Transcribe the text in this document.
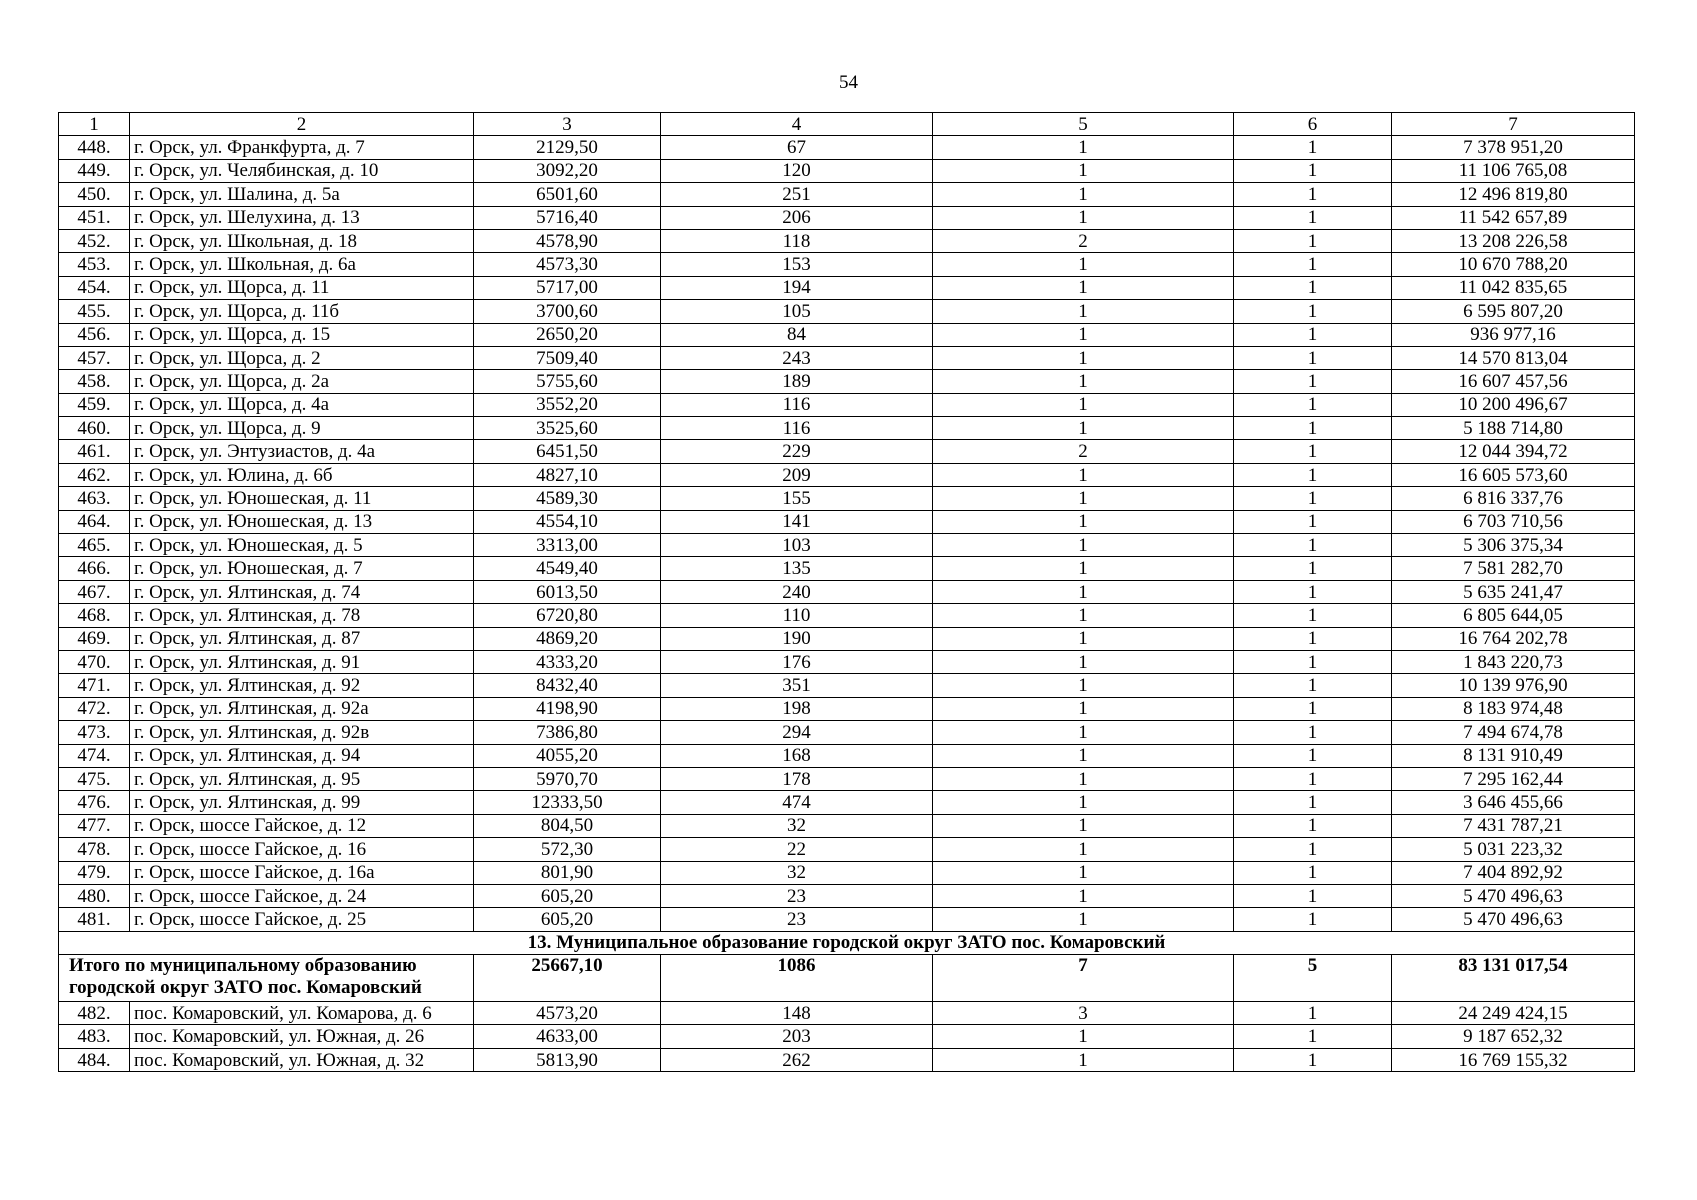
54
1	2	3	4	5	6	7
448.	г. Орск, ул. Франкфурта, д. 7	2129,50	67	1	1	7 378 951,20
449.	г. Орск, ул. Челябинская, д. 10	3092,20	120	1	1	11 106 765,08
450.	г. Орск, ул. Шалина, д. 5а	6501,60	251	1	1	12 496 819,80
451.	г. Орск, ул. Шелухина, д. 13	5716,40	206	1	1	11 542 657,89
452.	г. Орск, ул. Школьная, д. 18	4578,90	118	2	1	13 208 226,58
453.	г. Орск, ул. Школьная, д. 6а	4573,30	153	1	1	10 670 788,20
454.	г. Орск, ул. Щорса, д. 11	5717,00	194	1	1	11 042 835,65
455.	г. Орск, ул. Щорса, д. 11б	3700,60	105	1	1	6 595 807,20
456.	г. Орск, ул. Щорса, д. 15	2650,20	84	1	1	936 977,16
457.	г. Орск, ул. Щорса, д. 2	7509,40	243	1	1	14 570 813,04
458.	г. Орск, ул. Щорса, д. 2а	5755,60	189	1	1	16 607 457,56
459.	г. Орск, ул. Щорса, д. 4а	3552,20	116	1	1	10 200 496,67
460.	г. Орск, ул. Щорса, д. 9	3525,60	116	1	1	5 188 714,80
461.	г. Орск, ул. Энтузиастов, д. 4а	6451,50	229	2	1	12 044 394,72
462.	г. Орск, ул. Юлина, д. 6б	4827,10	209	1	1	16 605 573,60
463.	г. Орск, ул. Юношеская, д. 11	4589,30	155	1	1	6 816 337,76
464.	г. Орск, ул. Юношеская, д. 13	4554,10	141	1	1	6 703 710,56
465.	г. Орск, ул. Юношеская, д. 5	3313,00	103	1	1	5 306 375,34
466.	г. Орск, ул. Юношеская, д. 7	4549,40	135	1	1	7 581 282,70
467.	г. Орск, ул. Ялтинская, д. 74	6013,50	240	1	1	5 635 241,47
468.	г. Орск, ул. Ялтинская, д. 78	6720,80	110	1	1	6 805 644,05
469.	г. Орск, ул. Ялтинская, д. 87	4869,20	190	1	1	16 764 202,78
470.	г. Орск, ул. Ялтинская, д. 91	4333,20	176	1	1	1 843 220,73
471.	г. Орск, ул. Ялтинская, д. 92	8432,40	351	1	1	10 139 976,90
472.	г. Орск, ул. Ялтинская, д. 92а	4198,90	198	1	1	8 183 974,48
473.	г. Орск, ул. Ялтинская, д. 92в	7386,80	294	1	1	7 494 674,78
474.	г. Орск, ул. Ялтинская, д. 94	4055,20	168	1	1	8 131 910,49
475.	г. Орск, ул. Ялтинская, д. 95	5970,70	178	1	1	7 295 162,44
476.	г. Орск, ул. Ялтинская, д. 99	12333,50	474	1	1	3 646 455,66
477.	г. Орск, шоссе Гайское, д. 12	804,50	32	1	1	7 431 787,21
478.	г. Орск, шоссе Гайское, д. 16	572,30	22	1	1	5 031 223,32
479.	г. Орск, шоссе Гайское, д. 16а	801,90	32	1	1	7 404 892,92
480.	г. Орск, шоссе Гайское, д. 24	605,20	23	1	1	5 470 496,63
481.	г. Орск, шоссе Гайское, д. 25	605,20	23	1	1	5 470 496,63
13. Муниципальное образование городской округ ЗАТО пос. Комаровский						
Итого по муниципальному образованию городской округ ЗАТО пос. Комаровский		25667,10	1086	7	5	83 131 017,54
482.	пос. Комаровский, ул. Комарова, д. 6	4573,20	148	3	1	24 249 424,15
483.	пос. Комаровский, ул. Южная, д. 26	4633,00	203	1	1	9 187 652,32
484.	пос. Комаровский, ул. Южная, д. 32	5813,90	262	1	1	16 769 155,32
